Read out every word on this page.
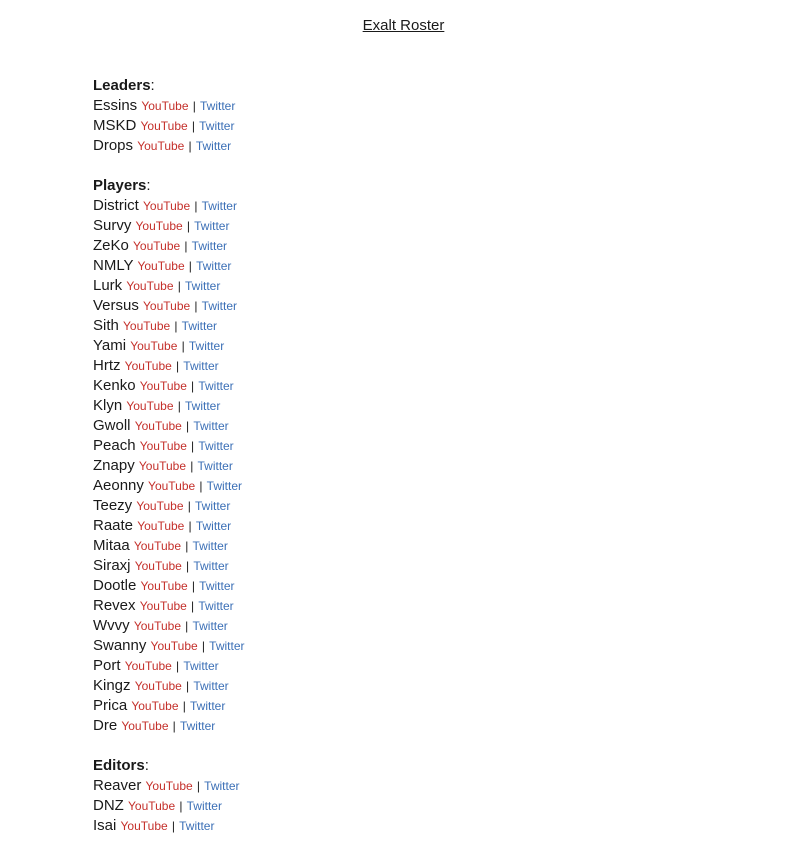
Exalt Roster
Leaders:
Essins YouTube | Twitter
MSKD YouTube | Twitter
Drops YouTube | Twitter
Players:
District YouTube | Twitter
Survy YouTube | Twitter
ZeKo YouTube | Twitter
NMLY YouTube | Twitter
Lurk YouTube | Twitter
Versus YouTube | Twitter
Sith YouTube | Twitter
Yami YouTube | Twitter
Hrtz YouTube | Twitter
Kenko YouTube | Twitter
Klyn YouTube | Twitter
Gwoll YouTube | Twitter
Peach YouTube | Twitter
Znapy YouTube | Twitter
Aeonny YouTube | Twitter
Teezy YouTube | Twitter
Raate YouTube | Twitter
Mitaa YouTube | Twitter
Siraxj YouTube | Twitter
Dootle YouTube | Twitter
Revex YouTube | Twitter
Wvvy YouTube | Twitter
Swanny YouTube | Twitter
Port YouTube | Twitter
Kingz YouTube | Twitter
Prica YouTube | Twitter
Dre YouTube | Twitter
Editors:
Reaver YouTube | Twitter
DNZ YouTube | Twitter
Isai YouTube | Twitter
